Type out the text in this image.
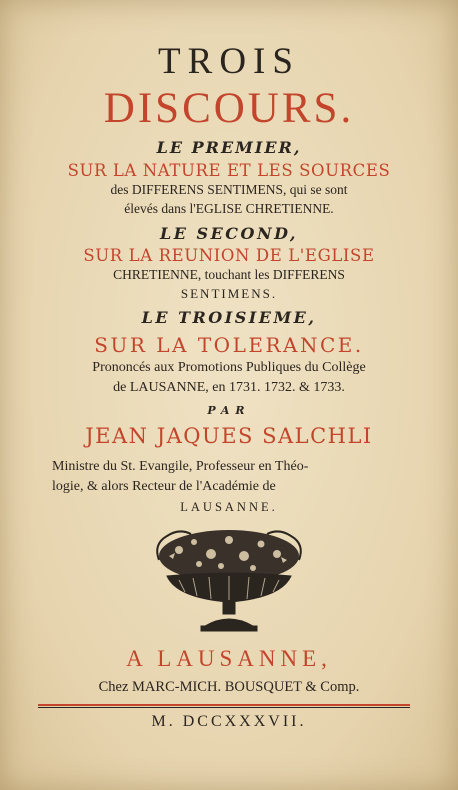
TROIS
DISCOURS.
LE PREMIER,
SUR LA NATURE ET LES SOURCES
des DIFFERENS SENTIMENS, qui se sont
élevés dans l'EGLISE CHRETIENNE.
LE SECOND,
SUR LA REUNION DE L'EGLISE
CHRETIENNE, touchant les DIFFERENS
SENTIMENS.
LE TROISIEME,
SUR LA TOLERANCE.
Prononcés aux Promotions Publiques du Collège
de LAUSANNE, en 1731. 1732. & 1733.
PAR
JEAN JAQUES SALCHLI
Ministre du St. Evangile, Professeur en Théo-
logie, & alors Recteur de l'Académie de
LAUSANNE.
A LAUSANNE,
Chez MARC-MICH. BOUSQUET & Comp.
M. DCCXXXVII.
